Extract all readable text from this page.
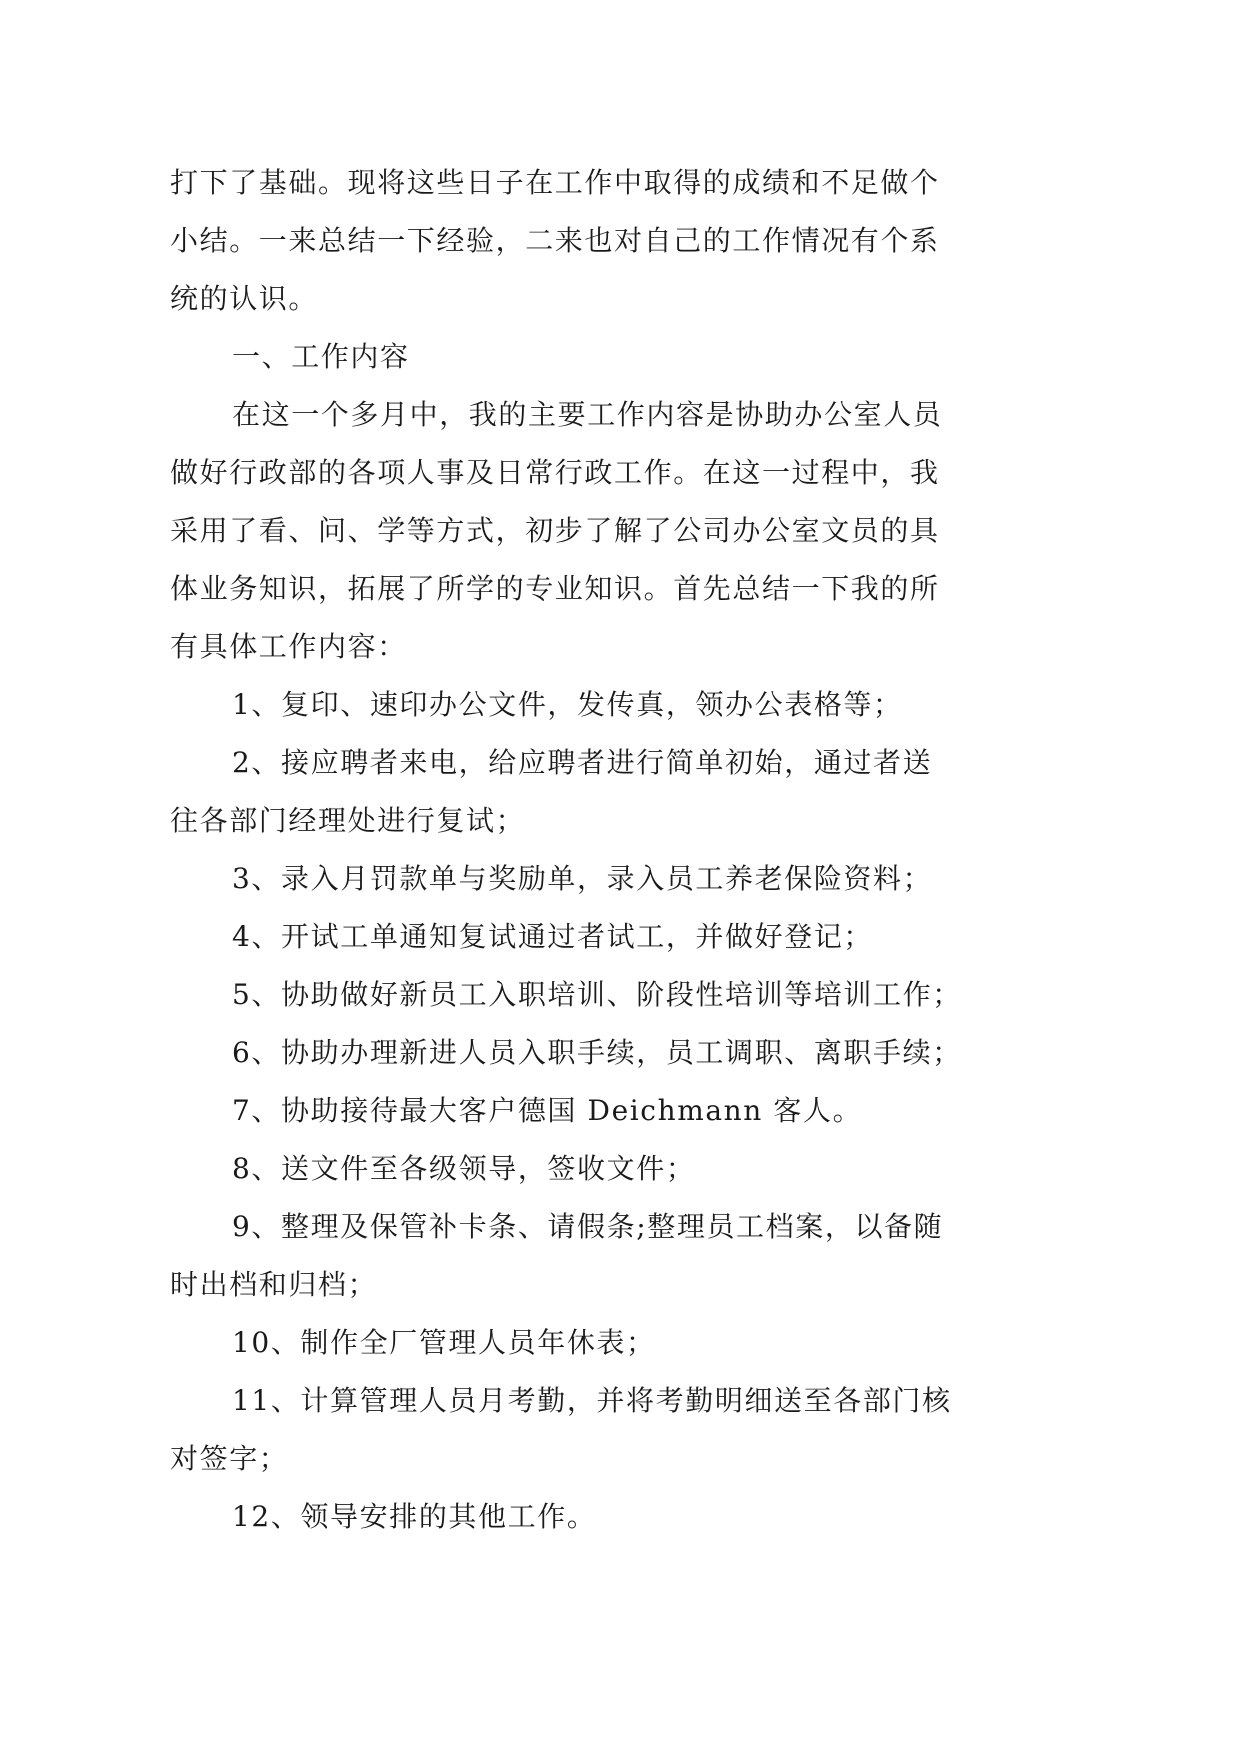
打下了基础。现将这些日子在工作中取得的成绩和不足做个
小结。一来总结一下经验，二来也对自己的工作情况有个系
统的认识。
一、工作内容
在这一个多月中，我的主要工作内容是协助办公室人员
做好行政部的各项人事及日常行政工作。在这一过程中，我
采用了看、问、学等方式，初步了解了公司办公室文员的具
体业务知识，拓展了所学的专业知识。首先总结一下我的所
有具体工作内容：
1、复印、速印办公文件，发传真，领办公表格等；
2、接应聘者来电，给应聘者进行简单初始，通过者送
往各部门经理处进行复试；
3、录入月罚款单与奖励单，录入员工养老保险资料；
4、开试工单通知复试通过者试工，并做好登记；
5、协助做好新员工入职培训、阶段性培训等培训工作；
6、协助办理新进人员入职手续，员工调职、离职手续；
7、协助接待最大客户德国 Deichmann 客人。
8、送文件至各级领导，签收文件；
9、整理及保管补卡条、请假条;整理员工档案，以备随
时出档和归档；
10、制作全厂管理人员年休表；
11、计算管理人员月考勤，并将考勤明细送至各部门核
对签字；
12、领导安排的其他工作。
